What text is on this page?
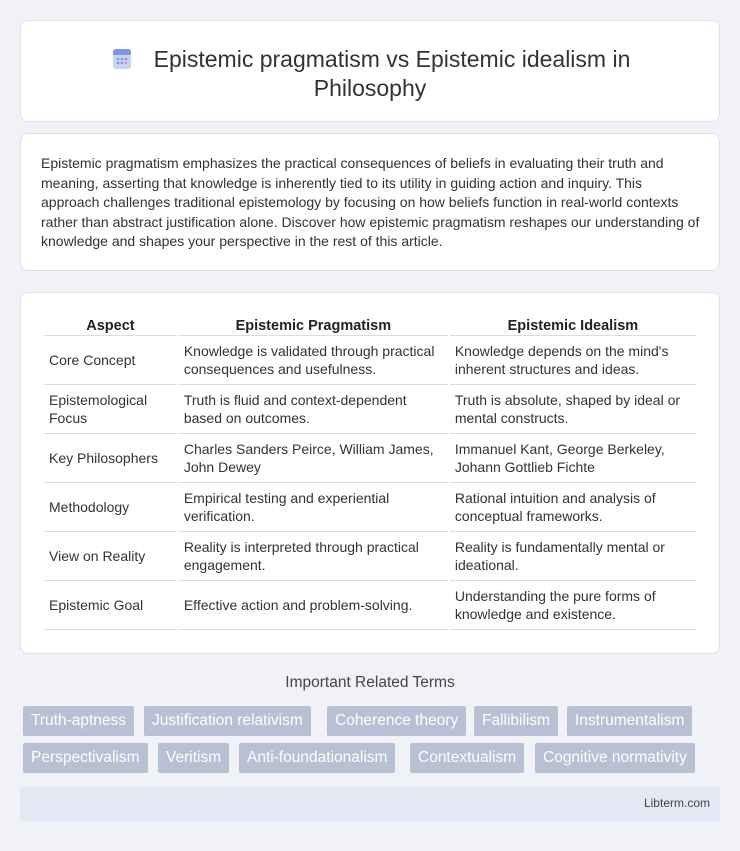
Epistemic pragmatism vs Epistemic idealism in Philosophy

Epistemic pragmatism emphasizes the practical consequences of beliefs in evaluating their truth and meaning, asserting that knowledge is inherently tied to its utility in guiding action and inquiry. This approach challenges traditional epistemology by focusing on how beliefs function in real-world contexts rather than abstract justification alone. Discover how epistemic pragmatism reshapes our understanding of knowledge and shapes your perspective in the rest of this article.

Aspect	Epistemic Pragmatism	Epistemic Idealism
Core Concept	Knowledge is validated through practical consequences and usefulness.	Knowledge depends on the mind's inherent structures and ideas.
Epistemological Focus	Truth is fluid and context-dependent based on outcomes.	Truth is absolute, shaped by ideal or mental constructs.
Key Philosophers	Charles Sanders Peirce, William James, John Dewey	Immanuel Kant, George Berkeley, Johann Gottlieb Fichte
Methodology	Empirical testing and experiential verification.	Rational intuition and analysis of conceptual frameworks.
View on Reality	Reality is interpreted through practical engagement.	Reality is fundamentally mental or ideational.
Epistemic Goal	Effective action and problem-solving.	Understanding the pure forms of knowledge and existence.
Important Related Terms
Truth-aptness	Justification relativism	Coherence theory	Fallibilism	Instrumentalism
Perspectivalism	Veritism	Anti-foundationalism	Contextualism	Cognitive normativity
Libterm.com
